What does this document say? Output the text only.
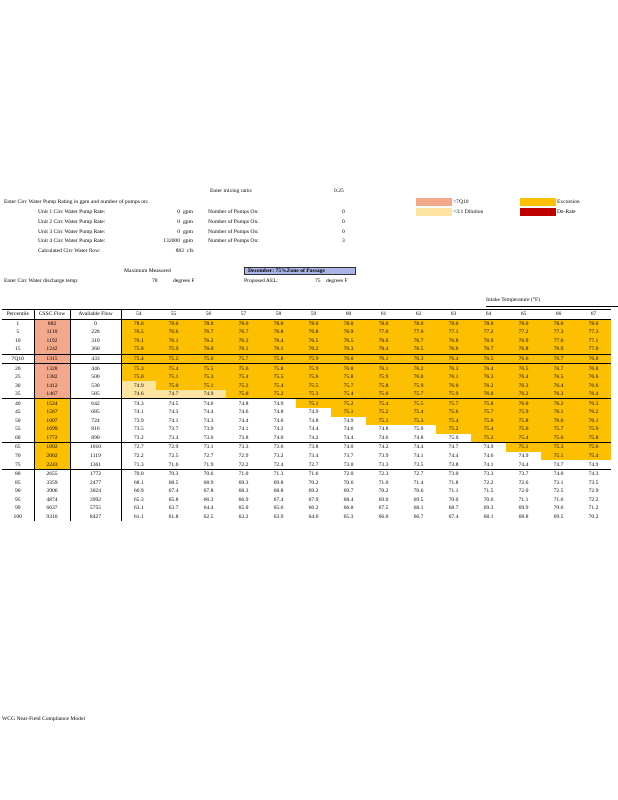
Enter mixing ratio:	0.25
<7Q10
<3:1 Dilution
Excursion
De-Rate
Enter Circ Water Pump Rating in gpm and number of pumps on:
Unit 1 Circ Water Pump Rate:	0 gpm	Number of Pumps On:	0
Unit 2 Circ Water Pump Rate:	0 gpm	Number of Pumps On:	0
Unit 3 Circ Water Pump Rate:	0 gpm	Number of Pumps On:	0
Unit 4 Circ Water Pump Rate:	132000 gpm	Number of Pumps On:	3
Calculated Circ Water flow:	882 cfs
Maximum Measured	December: 75%Zone of Passage
Enter Circ Water discharge temp:	78	degrees F	Proposed AEL:	75 degrees F
Intake Temperature (°F)
Percentile	CSSC Flow	Available Flow	54	55	56	57	58	59	60	61	62	63	64	65	66	67
1	882	0	78.0	78.0	78.0	78.0	78.0	78.0	78.0	78.0	78.0	78.0	78.0	78.0	78.0	78.0
5	1110	228	76.5	76.6	76.7	76.7	76.8	76.8	76.9	77.0	77.0	77.1	77.2	77.2	77.3	77.3
10	1192	310	76.1	76.1	76.2	76.3	76.4	76.5	76.5	76.6	76.7	76.8	76.9	76.9	77.0	77.1
15	1242	360	75.8	75.9	76.0	76.1	76.1	76.2	76.3	76.4	76.5	76.6	76.7	76.8	76.9	77.0
7Q10	1315	433	75.4	75.5	75.6	75.7	75.8	75.9	76.0	76.1	76.3	76.4	76.5	76.6	76.7	76.8
20	1328	446	75.3	75.4	75.5	75.6	75.8	75.9	76.0	76.1	76.2	76.3	76.4	76.5	76.7	76.8
25	1382	500	75.0	75.1	75.3	75.4	75.5	75.6	75.8	75.9	76.0	76.1	76.3	76.4	76.5	76.6
30	1412	530	74.9	75.0	75.1	75.3	75.4	75.5	75.7	75.8	75.9	76.0	76.2	76.3	76.4	76.6
35	1467	585	74.6	74.7	74.9	75.0	75.2	75.3	75.4	75.6	75.7	75.9	76.0	76.2	76.3	76.4
40	1524	642	74.3	74.5	74.6	74.8	74.9	75.1	75.2	75.4	75.5	75.7	75.8	76.0	76.2	76.3
45	1567	685	74.1	74.3	74.4	74.6	74.8	74.9	75.1	75.2	75.4	75.6	75.7	75.9	76.1	76.2
50	1607	724	73.9	74.1	74.3	74.4	74.6	74.8	74.9	75.1	75.3	75.4	75.6	75.8	76.0	76.1
55	1699	816	73.5	73.7	73.9	74.1	74.2	74.4	74.6	74.8	75.0	75.2	75.4	75.6	75.7	75.9
60	1772	890	73.2	73.4	73.6	73.8	74.0	74.2	74.4	74.6	74.8	75.0	75.2	75.4	75.6	75.8
65	1892	1010	72.7	72.9	73.1	73.3	73.6	73.8	74.0	74.2	74.4	74.7	74.9	75.1	75.3	75.6
70	2002	1119	72.2	72.5	72.7	72.9	73.2	73.4	73.7	73.9	74.1	74.4	74.6	74.9	75.1	75.4
75	2243	1361	71.3	71.6	71.9	72.2	72.4	72.7	73.0	73.3	73.5	73.8	74.1	74.4	74.7	74.9
80	2655	1772	70.0	70.3	70.6	71.0	71.3	71.6	72.0	72.3	72.7	73.0	73.3	73.7	74.0	74.3
85	3359	2477	68.1	68.5	68.9	69.3	69.8	70.2	70.6	71.0	71.4	71.8	72.2	72.6	73.1	73.5
90	3906	3024	66.9	67.4	67.8	68.3	68.8	69.2	69.7	70.2	70.6	71.1	71.5	72.0	72.5	72.9
95	4874	3992	65.3	65.8	66.3	66.9	67.4	67.9	68.4	69.0	69.5	70.0	70.6	71.1	71.6	72.2
99	6637	5755	63.1	63.7	64.4	65.0	65.6	66.2	66.8	67.5	68.1	68.7	69.3	69.9	70.6	71.2
100	9310	8427	61.1	61.8	62.5	63.2	63.9	64.6	65.3	66.0	66.7	67.4	68.1	68.8	69.5	70.2
WCG Near-Field Compliance Model
